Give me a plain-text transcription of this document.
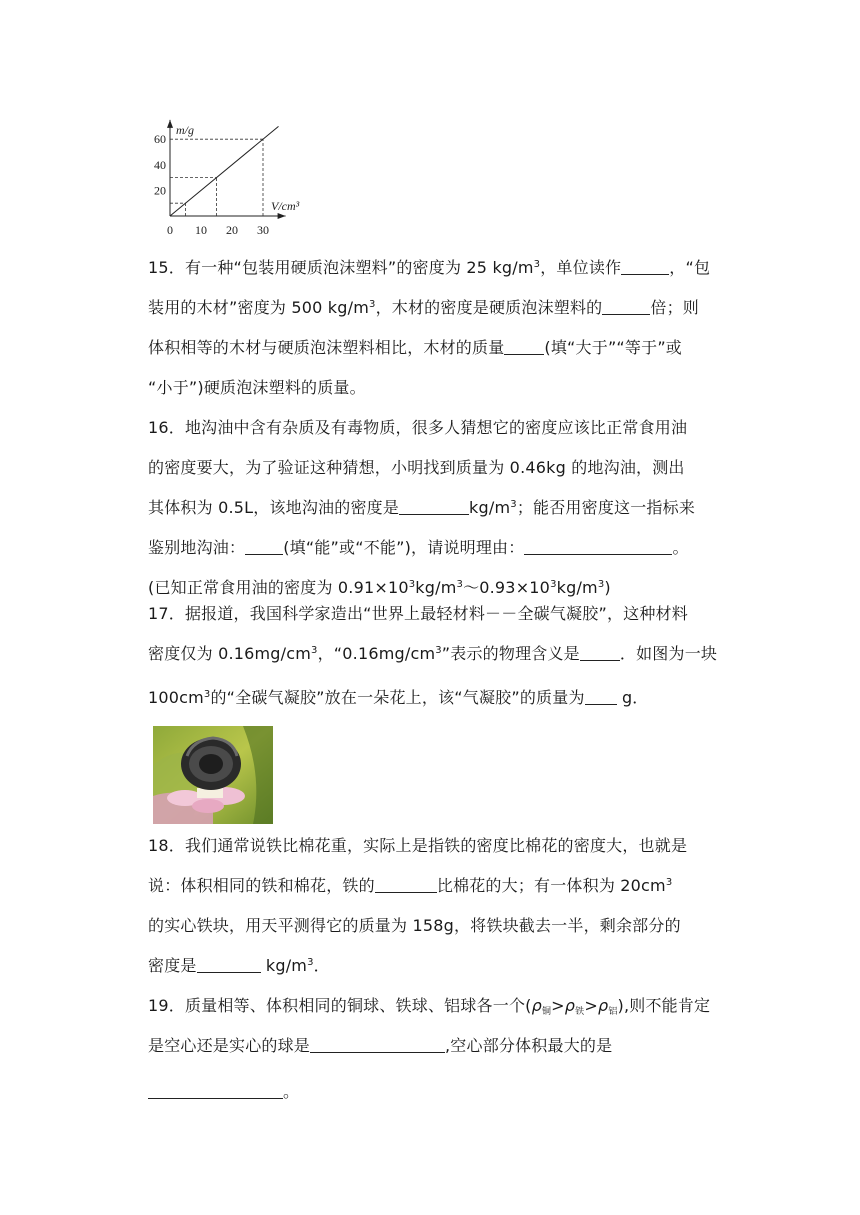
0 10 20 30
20
40
60
m/g
V/cm³
15．有一种“包装用硬质泡沫塑料”的密度为 25 $kg/m^3$，单位读作	，“包
装用的木材”密度为 500 $kg/m^3$，木材的密度是硬质泡沫塑料的	倍；则
体积相等的木材与硬质泡沫塑料相比，木材的质量	(填“大于”“等于”或
“小于”)硬质泡沫塑料的质量。
16．地沟油中含有杂质及有毒物质，很多人猜想它的密度应该比正常食用油
的密度要大，为了验证这种猜想，小明找到质量为 0.46kg 的地沟油，测出
其体积为 0.5L，该地沟油的密度是	$kg/m^3$；能否用密度这一指标来
鉴别地沟油： (填“能”或“不能”)，请说明理由：	。
(已知正常食用油的密度为 $0.91\times 10^3kg/m^3\sim 0.93\times 10^3kg/m^3$)
17．据报道，我国科学家造出“世界上最轻材料－－全碳气凝胶”，这种材料
密度仅为 $0.16mg/cm^3$，“$0.16mg/cm^3$”表示的物理含义是	．如图为一块
$100cm^3$的“全碳气凝胶”放在一朵花上，该“气凝胶”的质量为 g．
18．我们通常说铁比棉花重，实际上是指铁的密度比棉花的密度大，也就是
说：体积相同的铁和棉花，铁的	比棉花的大；有一体积为 $20cm^3$
的实心铁块，用天平测得它的质量为 158g，将铁块截去一半，剩余部分的
密度是	$kg/m^3$．
19．质量相等、体积相同的铜球、铁球、铝球各一个$(\rho_铜>\rho_铁>\rho_铝)$,则不能肯定
是空心还是实心的球是	,空心部分体积最大的是
。
